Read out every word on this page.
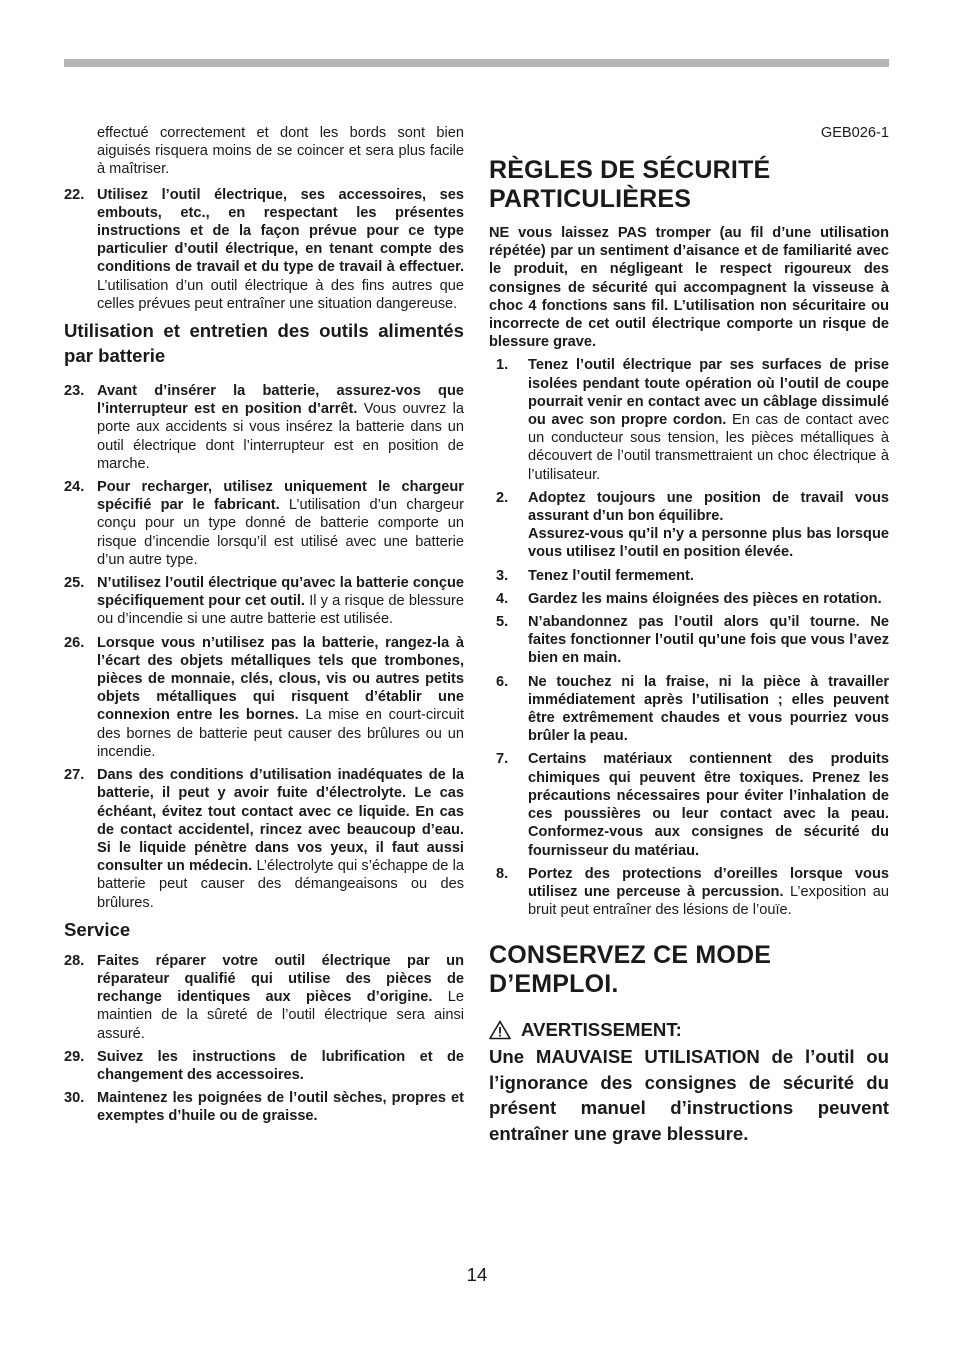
effectué correctement et dont les bords sont bien aiguisés risquera moins de se coincer et sera plus facile à maîtriser.

22. Utilisez l’outil électrique, ses accessoires, ses embouts, etc., en respectant les présentes instructions et de la façon prévue pour ce type particulier d’outil électrique, en tenant compte des conditions de travail et du type de travail à effectuer. L’utilisation d’un outil électrique à des fins autres que celles prévues peut entraîner une situation dangereuse.
Utilisation et entretien des outils alimentés par batterie
23. Avant d’insérer la batterie, assurez-vos que l’interrupteur est en position d’arrêt. Vous ouvrez la porte aux accidents si vous insérez la batterie dans un outil électrique dont l’interrupteur est en position de marche.
24. Pour recharger, utilisez uniquement le chargeur spécifié par le fabricant. L’utilisation d’un chargeur conçu pour un type donné de batterie comporte un risque d’incendie lorsqu’il est utilisé avec une batterie d’un autre type.
25. N’utilisez l’outil électrique qu’avec la batterie conçue spécifiquement pour cet outil. Il y a risque de blessure ou d’incendie si une autre batterie est utilisée.
26. Lorsque vous n’utilisez pas la batterie, rangez-la à l’écart des objets métalliques tels que trombones, pièces de monnaie, clés, clous, vis ou autres petits objets métalliques qui risquent d’établir une connexion entre les bornes. La mise en court-circuit des bornes de batterie peut causer des brûlures ou un incendie.
27. Dans des conditions d’utilisation inadéquates de la batterie, il peut y avoir fuite d’électrolyte. Le cas échéant, évitez tout contact avec ce liquide. En cas de contact accidentel, rincez avec beaucoup d’eau. Si le liquide pénètre dans vos yeux, il faut aussi consulter un médecin. L’électrolyte qui s’échappe de la batterie peut causer des démangeaisons ou des brûlures.
Service
28. Faites réparer votre outil électrique par un réparateur qualifié qui utilise des pièces de rechange identiques aux pièces d’origine. Le maintien de la sûreté de l’outil électrique sera ainsi assuré.
29. Suivez les instructions de lubrification et de changement des accessoires.
30. Maintenez les poignées de l’outil sèches, propres et exemptes d’huile ou de graisse.
GEB026-1
RÈGLES DE SÉCURITÉ PARTICULIÈRES

NE vous laissez PAS tromper (au fil d’une utilisation répétée) par un sentiment d’aisance et de familiarité avec le produit, en négligeant le respect rigoureux des consignes de sécurité qui accompagnent la visseuse à choc 4 fonctions sans fil. L’utilisation non sécuritaire ou incorrecte de cet outil électrique comporte un risque de blessure grave.

1. Tenez l’outil électrique par ses surfaces de prise isolées pendant toute opération où l’outil de coupe pourrait venir en contact avec un câblage dissimulé ou avec son propre cordon. En cas de contact avec un conducteur sous tension, les pièces métalliques à découvert de l’outil transmettraient un choc électrique à l’utilisateur.
2. Adoptez toujours une position de travail vous assurant d’un bon équilibre.
Assurez-vous qu’il n’y a personne plus bas lorsque vous utilisez l’outil en position élevée.
3. Tenez l’outil fermement.
4. Gardez les mains éloignées des pièces en rotation.
5. N’abandonnez pas l’outil alors qu’il tourne. Ne faites fonctionner l’outil qu’une fois que vous l’avez bien en main.
6. Ne touchez ni la fraise, ni la pièce à travailler immédiatement après l’utilisation ; elles peuvent être extrêmement chaudes et vous pourriez vous brûler la peau.
7. Certains matériaux contiennent des produits chimiques qui peuvent être toxiques. Prenez les précautions nécessaires pour éviter l’inhalation de ces poussières ou leur contact avec la peau. Conformez-vous aux consignes de sécurité du fournisseur du matériau.
8. Portez des protections d’oreilles lorsque vous utilisez une perceuse à percussion. L’exposition au bruit peut entraîner des lésions de l’ouïe.
CONSERVEZ CE MODE D’EMPLOI.
AVERTISSEMENT:

Une MAUVAISE UTILISATION de l’outil ou l’ignorance des consignes de sécurité du présent manuel d’instructions peuvent entraîner une grave blessure.

14
